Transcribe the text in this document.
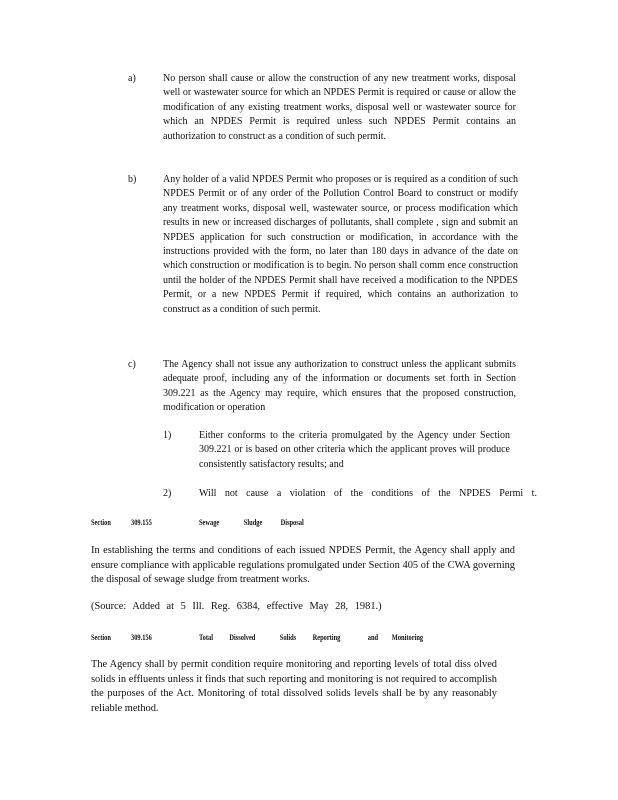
a)	No person shall cause or allow the construction of any new treatment works, disposal well or wastewater source for which an NPDES Permit is required or cause or allow the modification of any existing treatment works, disposal well or wastewater source for which an NPDES Permit is required unless such NPDES Permit contains an authorization to construct as a condition of such permit.
b)	Any holder of a valid NPDES Permit who proposes or is required as a condition of such NPDES Permit or of any order of the Pollution Control Board to construct or modify any treatment works, disposal well, wastewater source, or process modification which results in new or increased discharges of pollutants, shall complete , sign and submit an NPDES application for such construction or modification, in accordance with the instructions provided with the form, no later than 180 days in advance of the date on which construction or modification is to begin. No person shall comm ence construction until the holder of the NPDES Permit shall have received a modification to the NPDES Permit, or a new NPDES Permit if required, which contains an authorization to construct as a condition of such permit.
c)	The Agency shall not issue any authorization to construct unless the applicant submits adequate proof, including any of the information or documents set forth in Section 309.221 as the Agency may require, which ensures that the proposed construction, modification or operation
1)	Either conforms to the criteria promulgated by the Agency under Section 309.221 or is based on other criteria which the applicant proves will produce consistently satisfactory results; and
2)	Will not cause a violation of the conditions of the NPDES Permi t.
Section	309.155	Sewage	Sludge Disposal
In establishing the terms and conditions of each issued NPDES Permit, the Agency shall apply and ensure compliance with applicable regulations promulgated under Section 405 of the CWA governing the disposal of sewage sludge from treatment works.
(Source: Added at 5 Ill. Reg. 6384, effective May 28, 1981.)
Section	309.156	Total Dissolved	Solids Reporting	and Monitoring
The Agency shall by permit condition require monitoring and reporting levels of total diss olved solids in effluents unless it finds that such reporting and monitoring is not required to accomplish the purposes of the Act. Monitoring of total dissolved solids levels shall be by any reasonably reliable method.
